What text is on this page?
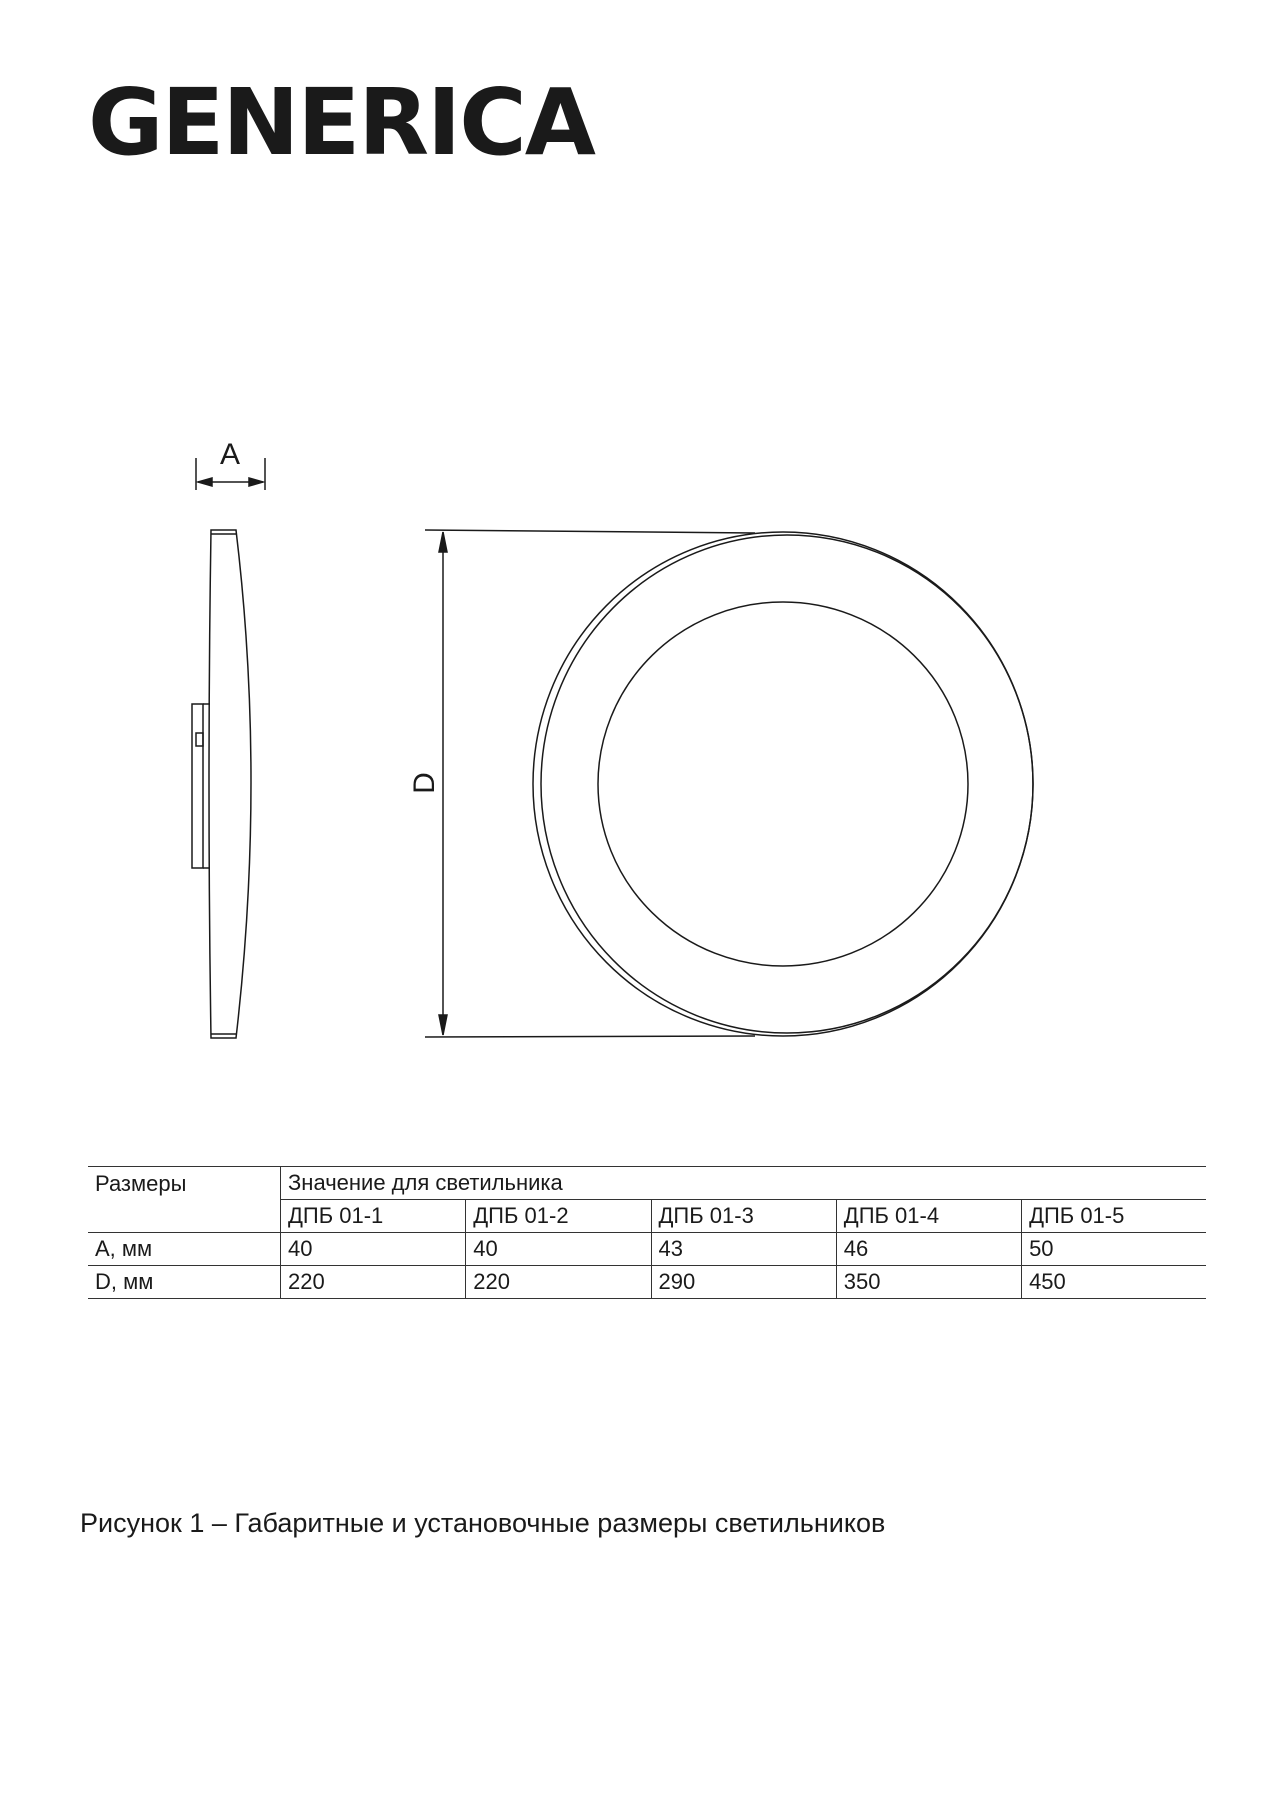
GENERICA
A
D
Размеры	Значение для светильника				
	ДПБ 01-1	ДПБ 01-2	ДПБ 01-3	ДПБ 01-4	ДПБ 01-5
A, мм	40	40	43	46	50
D, мм	220	220	290	350	450
Рисунок 1 – Габаритные и установочные размеры светильников
